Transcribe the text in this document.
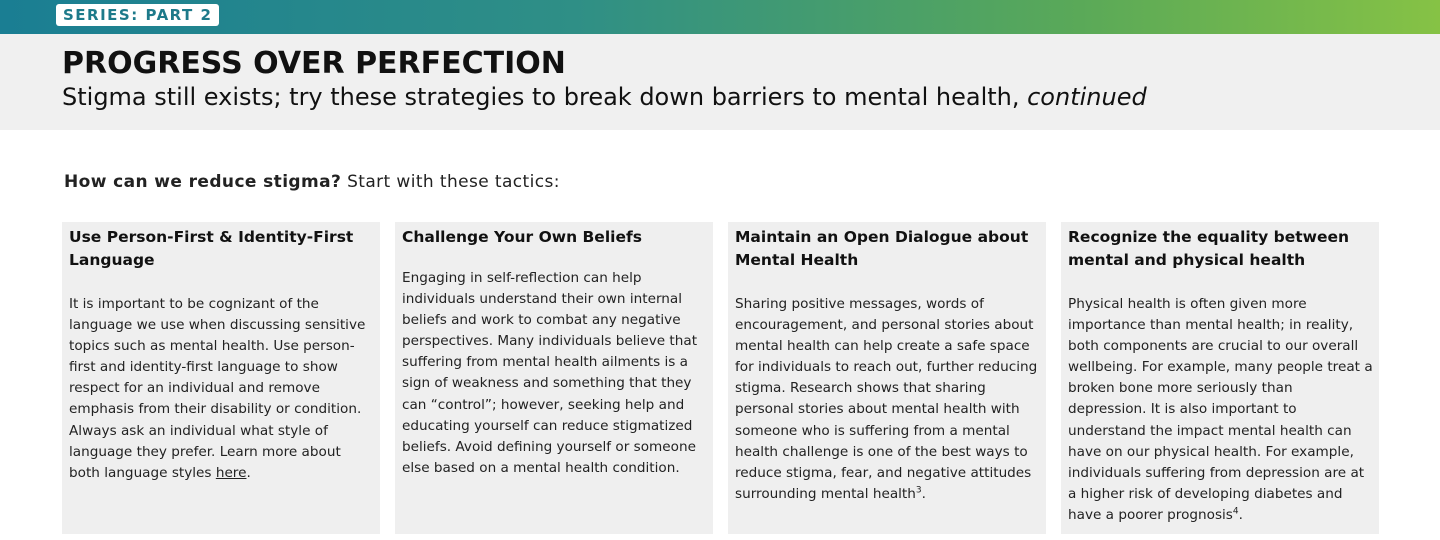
SERIES: PART 2
PROGRESS OVER PERFECTION

Stigma still exists; try these strategies to break down barriers to mental health, continued

How can we reduce stigma? Start with these tactics:
Use Person-First & Identity-First Language

It is important to be cognizant of the language we use when discussing sensitive topics such as mental health. Use person-first and identity-first language to show respect for an individual and remove emphasis from their disability or condition. Always ask an individual what style of language they prefer. Learn more about both language styles here.

Challenge Your Own Beliefs

Engaging in self-reflection can help individuals understand their own internal beliefs and work to combat any negative perspectives. Many individuals believe that suffering from mental health ailments is a sign of weakness and something that they can “control”; however, seeking help and educating yourself can reduce stigmatized beliefs. Avoid defining yourself or someone else based on a mental health condition.

Maintain an Open Dialogue about Mental Health

Sharing positive messages, words of encouragement, and personal stories about mental health can help create a safe space for individuals to reach out, further reducing stigma. Research shows that sharing personal stories about mental health with someone who is suffering from a mental health challenge is one of the best ways to reduce stigma, fear, and negative attitudes surrounding mental health$^3$.

Recognize the equality between mental and physical health

Physical health is often given more importance than mental health; in reality, both components are crucial to our overall wellbeing. For example, many people treat a broken bone more seriously than depression. It is also important to understand the impact mental health can have on our physical health. For example, individuals suffering from depression are at a higher risk of developing diabetes and have a poorer prognosis$^4$.
